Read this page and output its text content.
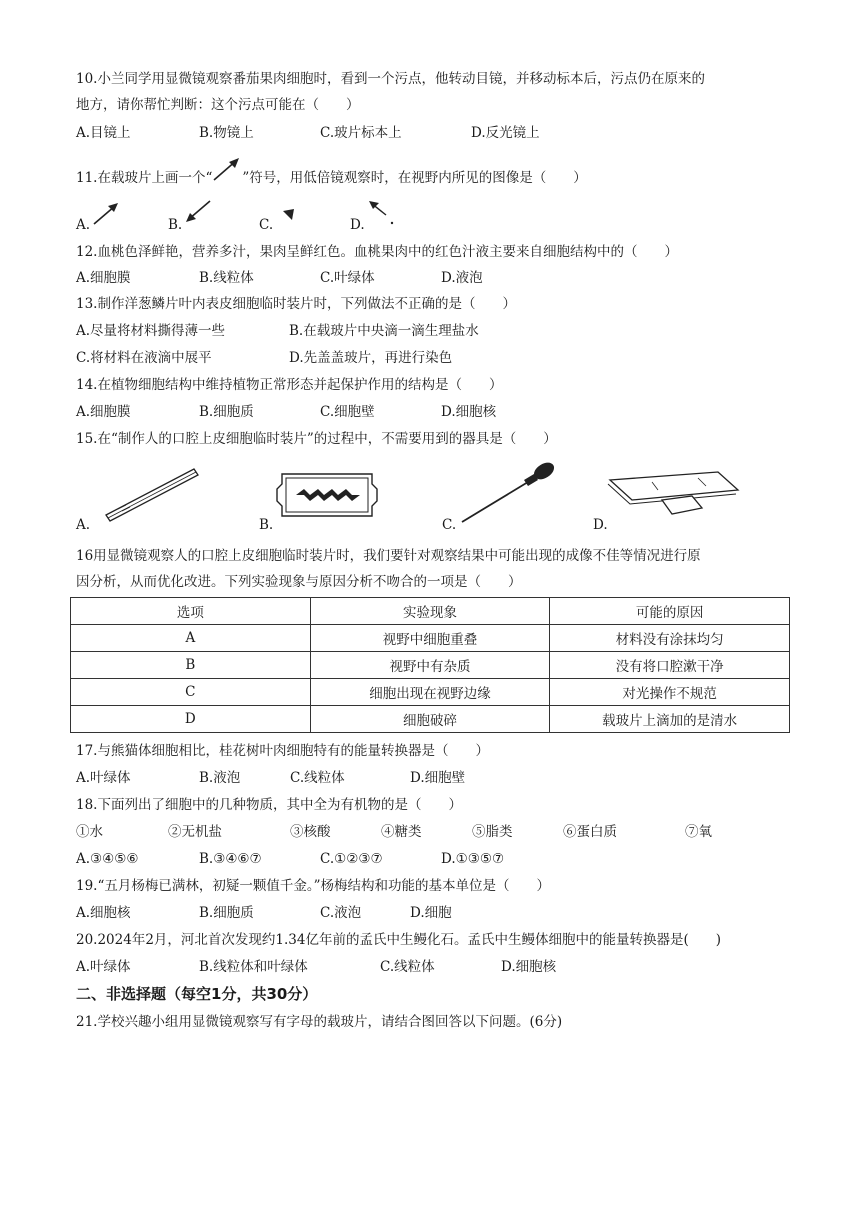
10.小兰同学用显微镜观察番茄果肉细胞时，看到一个污点，他转动目镜，并移动标本后，污点仍在原来的
地方，请你帮忙判断：这个污点可能在（　　）
A.目镜上	B.物镜上	C.玻片标本上	D.反光镜上
11.在载玻片上画一个“ ”符号，用低倍镜观察时，在视野内所见的图像是（　　）
A.	B.	C.	D.
12.血桃色泽鲜艳，营养多汁，果肉呈鲜红色。血桃果肉中的红色汁液主要来自细胞结构中的（　　）
A.细胞膜	B.线粒体	C.叶绿体	D.液泡
13.制作洋葱鳞片叶内表皮细胞临时装片时，下列做法不正确的是（　　）
A.尽量将材料撕得薄一些	B.在载玻片中央滴一滴生理盐水
C.将材料在液滴中展平	D.先盖盖玻片，再进行染色
14.在植物细胞结构中维持植物正常形态并起保护作用的结构是（　　）
A.细胞膜	B.细胞质	C.细胞壁	D.细胞核
15.在“制作人的口腔上皮细胞临时装片”的过程中，不需要用到的器具是（　　）
A.	B.	C.	D.
16用显微镜观察人的口腔上皮细胞临时装片时，我们要针对观察结果中可能出现的成像不佳等情况进行原
因分析，从而优化改进。下列实验现象与原因分析不吻合的一项是（　　）
选项	实验现象	可能的原因
A	视野中细胞重叠	材料没有涂抹均匀
B	视野中有杂质	没有将口腔漱干净
C	细胞出现在视野边缘	对光操作不规范
D	细胞破碎	载玻片上滴加的是清水
17.与熊猫体细胞相比，桂花树叶肉细胞特有的能量转换器是（　　）
A.叶绿体	B.液泡	C.线粒体	D.细胞壁
18.下面列出了细胞中的几种物质，其中全为有机物的是（　　）
①水	②无机盐	③核酸	④糖类	⑤脂类	⑥蛋白质	⑦氧
A.③④⑤⑥	B.③④⑥⑦	C.①②③⑦	D.①③⑤⑦
19.“五月杨梅已满林，初疑一颗值千金。”杨梅结构和功能的基本单位是（　　）
A.细胞核	B.细胞质	C.液泡	D.细胞
20.2024年2月，河北首次发现约1.34亿年前的孟氏中生鳗化石。孟氏中生鳗体细胞中的能量转换器是(　　)
A.叶绿体	B.线粒体和叶绿体	C.线粒体	D.细胞核
二、非选择题（每空1分，共30分）
21.学校兴趣小组用显微镜观察写有字母的载玻片，请结合图回答以下问题。(6分)
